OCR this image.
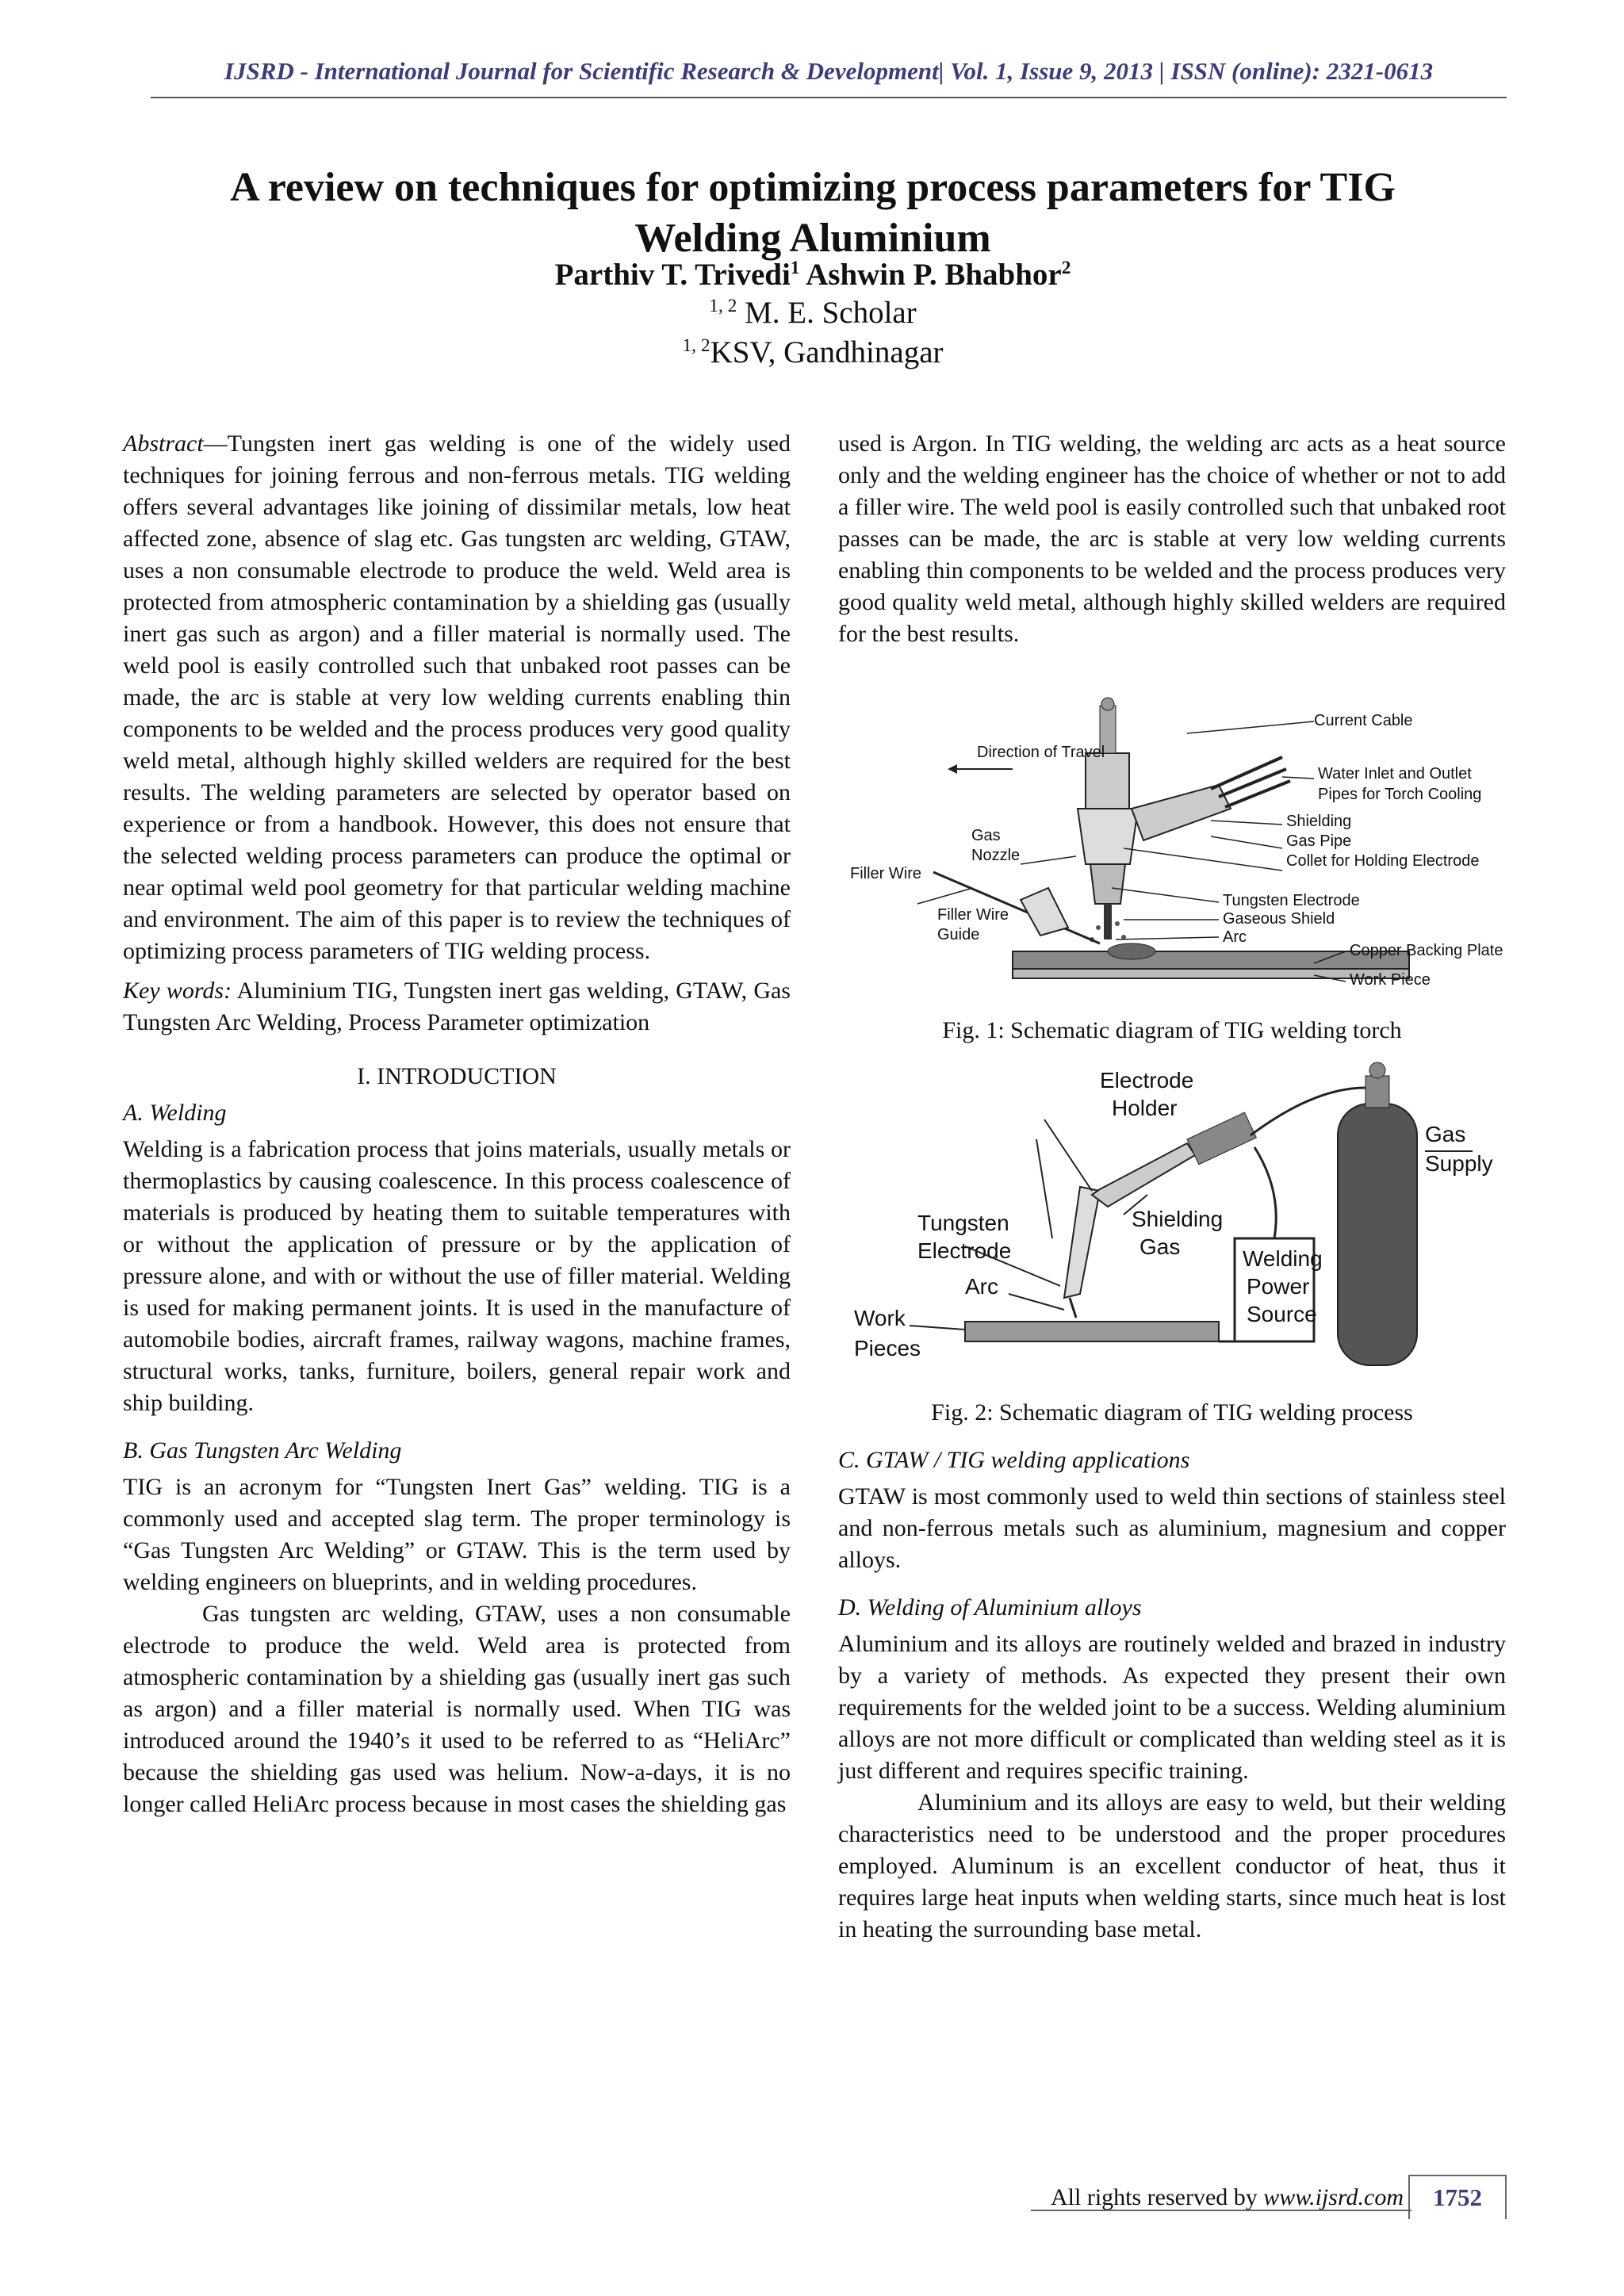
IJSRD - International Journal for Scientific Research & Development| Vol. 1, Issue 9, 2013 | ISSN (online): 2321-0613
A review on techniques for optimizing process parameters for TIG
Welding Aluminium
Parthiv T. Trivedi$^1$ Ashwin P. Bhabhor$^2$
$^{1, 2}$ M. E. Scholar
$^{1, 2}$KSV, Gandhinagar

Abstract—Tungsten inert gas welding is one of the widely used techniques for joining ferrous and non-ferrous metals. TIG welding offers several advantages like joining of dissimilar metals, low heat affected zone, absence of slag etc. Gas tungsten arc welding, GTAW, uses a non consumable electrode to produce the weld. Weld area is protected from atmospheric contamination by a shielding gas (usually inert gas such as argon) and a filler material is normally used. The weld pool is easily controlled such that unbaked root passes can be made, the arc is stable at very low welding currents enabling thin components to be welded and the process produces very good quality weld metal, although highly skilled welders are required for the best results. The welding parameters are selected by operator based on experience or from a handbook. However, this does not ensure that the selected welding process parameters can produce the optimal or near optimal weld pool geometry for that particular welding machine and environment. The aim of this paper is to review the techniques of optimizing process parameters of TIG welding process.

Key words: Aluminium TIG, Tungsten inert gas welding, GTAW, Gas Tungsten Arc Welding, Process Parameter optimization

I. INTRODUCTION
A. Welding

Welding is a fabrication process that joins materials, usually metals or thermoplastics by causing coalescence. In this process coalescence of materials is produced by heating them to suitable temperatures with or without the application of pressure or by the application of pressure alone, and with or without the use of filler material. Welding is used for making permanent joints. It is used in the manufacture of automobile bodies, aircraft frames, railway wagons, machine frames, structural works, tanks, furniture, boilers, general repair work and ship building.

B. Gas Tungsten Arc Welding

TIG is an acronym for “Tungsten Inert Gas” welding. TIG is a commonly used and accepted slag term. The proper terminology is “Gas Tungsten Arc Welding” or GTAW. This is the term used by welding engineers on blueprints, and in welding procedures.

Gas tungsten arc welding, GTAW, uses a non consumable electrode to produce the weld. Weld area is protected from atmospheric contamination by a shielding gas (usually inert gas such as argon) and a filler material is normally used. When TIG was introduced around the 1940’s it used to be referred to as “HeliArc” because the shielding gas used was helium. Now-a-days, it is no longer called HeliArc process because in most cases the shielding gas

used is Argon. In TIG welding, the welding arc acts as a heat source only and the welding engineer has the choice of whether or not to add a filler wire. The weld pool is easily controlled such that unbaked root passes can be made, the arc is stable at very low welding currents enabling thin components to be welded and the process produces very good quality weld metal, although highly skilled welders are required for the best results.

Direction of Travel
Current Cable
Water Inlet and Outlet
Pipes for Torch Cooling
Gas
Nozzle
Shielding
Gas Pipe
Collet for Holding Electrode
Filler Wire
Tungsten Electrode
Gaseous Shield
Filler Wire
Guide	Arc
Copper Backing Plate
Work Piece
Fig. 1: Schematic diagram of TIG welding torch
Electrode
Holder
Gas
Supply
Tungsten
Electrode
Shielding
Gas	Welding
Power
Source
Arc
Work
Pieces
Fig. 2: Schematic diagram of TIG welding process
C. GTAW / TIG welding applications

GTAW is most commonly used to weld thin sections of stainless steel and non-ferrous metals such as aluminium, magnesium and copper alloys.

D. Welding of Aluminium alloys

Aluminium and its alloys are routinely welded and brazed in industry by a variety of methods. As expected they present their own requirements for the welded joint to be a success. Welding aluminium alloys are not more difficult or complicated than welding steel as it is just different and requires specific training.

Aluminium and its alloys are easy to weld, but their welding characteristics need to be understood and the proper procedures employed. Aluminum is an excellent conductor of heat, thus it requires large heat inputs when welding starts, since much heat is lost in heating the surrounding base metal.

All rights reserved by www.ijsrd.com	1752
